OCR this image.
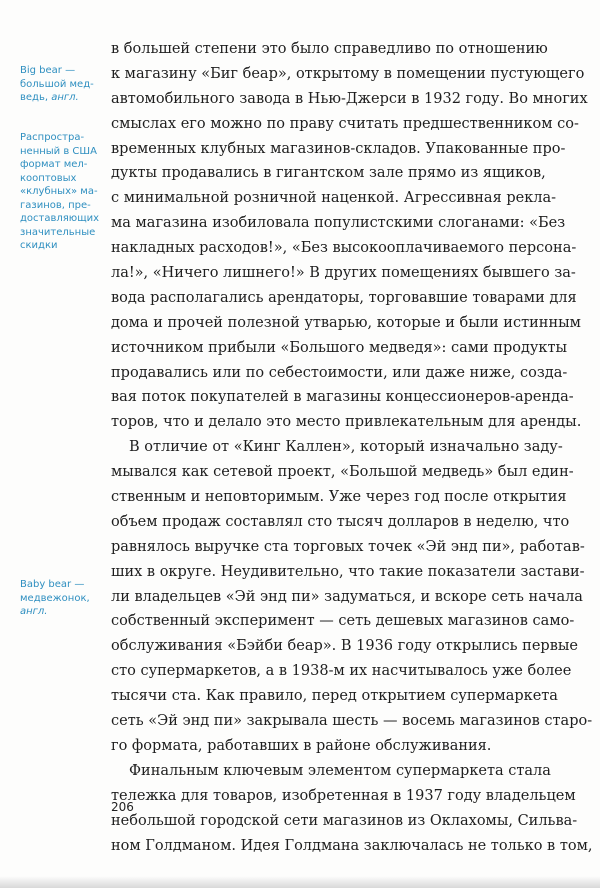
Big bear —
большой мед-
ведь, англ.
Распростра-
ненный в США
формат мел-
кооптовых
«клубных» ма-
газинов, пре-
доставляющих
значительные
скидки
Baby bear —
медвежонок,
англ.
в большей степени это было справедливо по отношению
к магазину «Биг беар», открытому в помещении пустующего
автомобильного завода в Нью-Джерси в 1932 году. Во многих
смыслах его можно по праву считать предшественником со-
временных клубных магазинов-складов. Упакованные про-
дукты продавались в гигантском зале прямо из ящиков,
с минимальной розничной наценкой. Агрессивная рекла-
ма магазина изобиловала популистскими слоганами: «Без
накладных расходов!», «Без высокооплачиваемого персона-
ла!», «Ничего лишнего!» В других помещениях бывшего за-
вода располагались арендаторы, торговавшие товарами для
дома и прочей полезной утварью, которые и были истинным
источником прибыли «Большого медведя»: сами продукты
продавались или по себестоимости, или даже ниже, созда-
вая поток покупателей в магазины концессионеров-арендa-
торов, что и делало это место привлекательным для аренды.
В отличие от «Кинг Каллен», который изначально заду-
мывался как сетевой проект, «Большой медведь» был един-
ственным и неповторимым. Уже через год после открытия
объем продаж составлял сто тысяч долларов в неделю, что
равнялось выручке ста торговых точек «Эй энд пи», работав-
ших в округе. Неудивительно, что такие показатели застави-
ли владельцев «Эй энд пи» задуматься, и вскоре сеть начала
собственный эксперимент — сеть дешевых магазинов само-
обслуживания «Бэйби беар». В 1936 году открылись первые
сто супермаркетов, а в 1938-м их насчитывалось уже более
тысячи ста. Как правило, перед открытием супермаркета
сеть «Эй энд пи» закрывала шесть — восемь магазинов старо-
го формата, работавших в районе обслуживания.
Финальным ключевым элементом супермаркета стала
тележка для товаров, изобретенная в 1937 году владельцем
небольшой городской сети магазинов из Оклахомы, Сильва-
ном Голдманом. Идея Голдмана заключалась не только в том,
206
